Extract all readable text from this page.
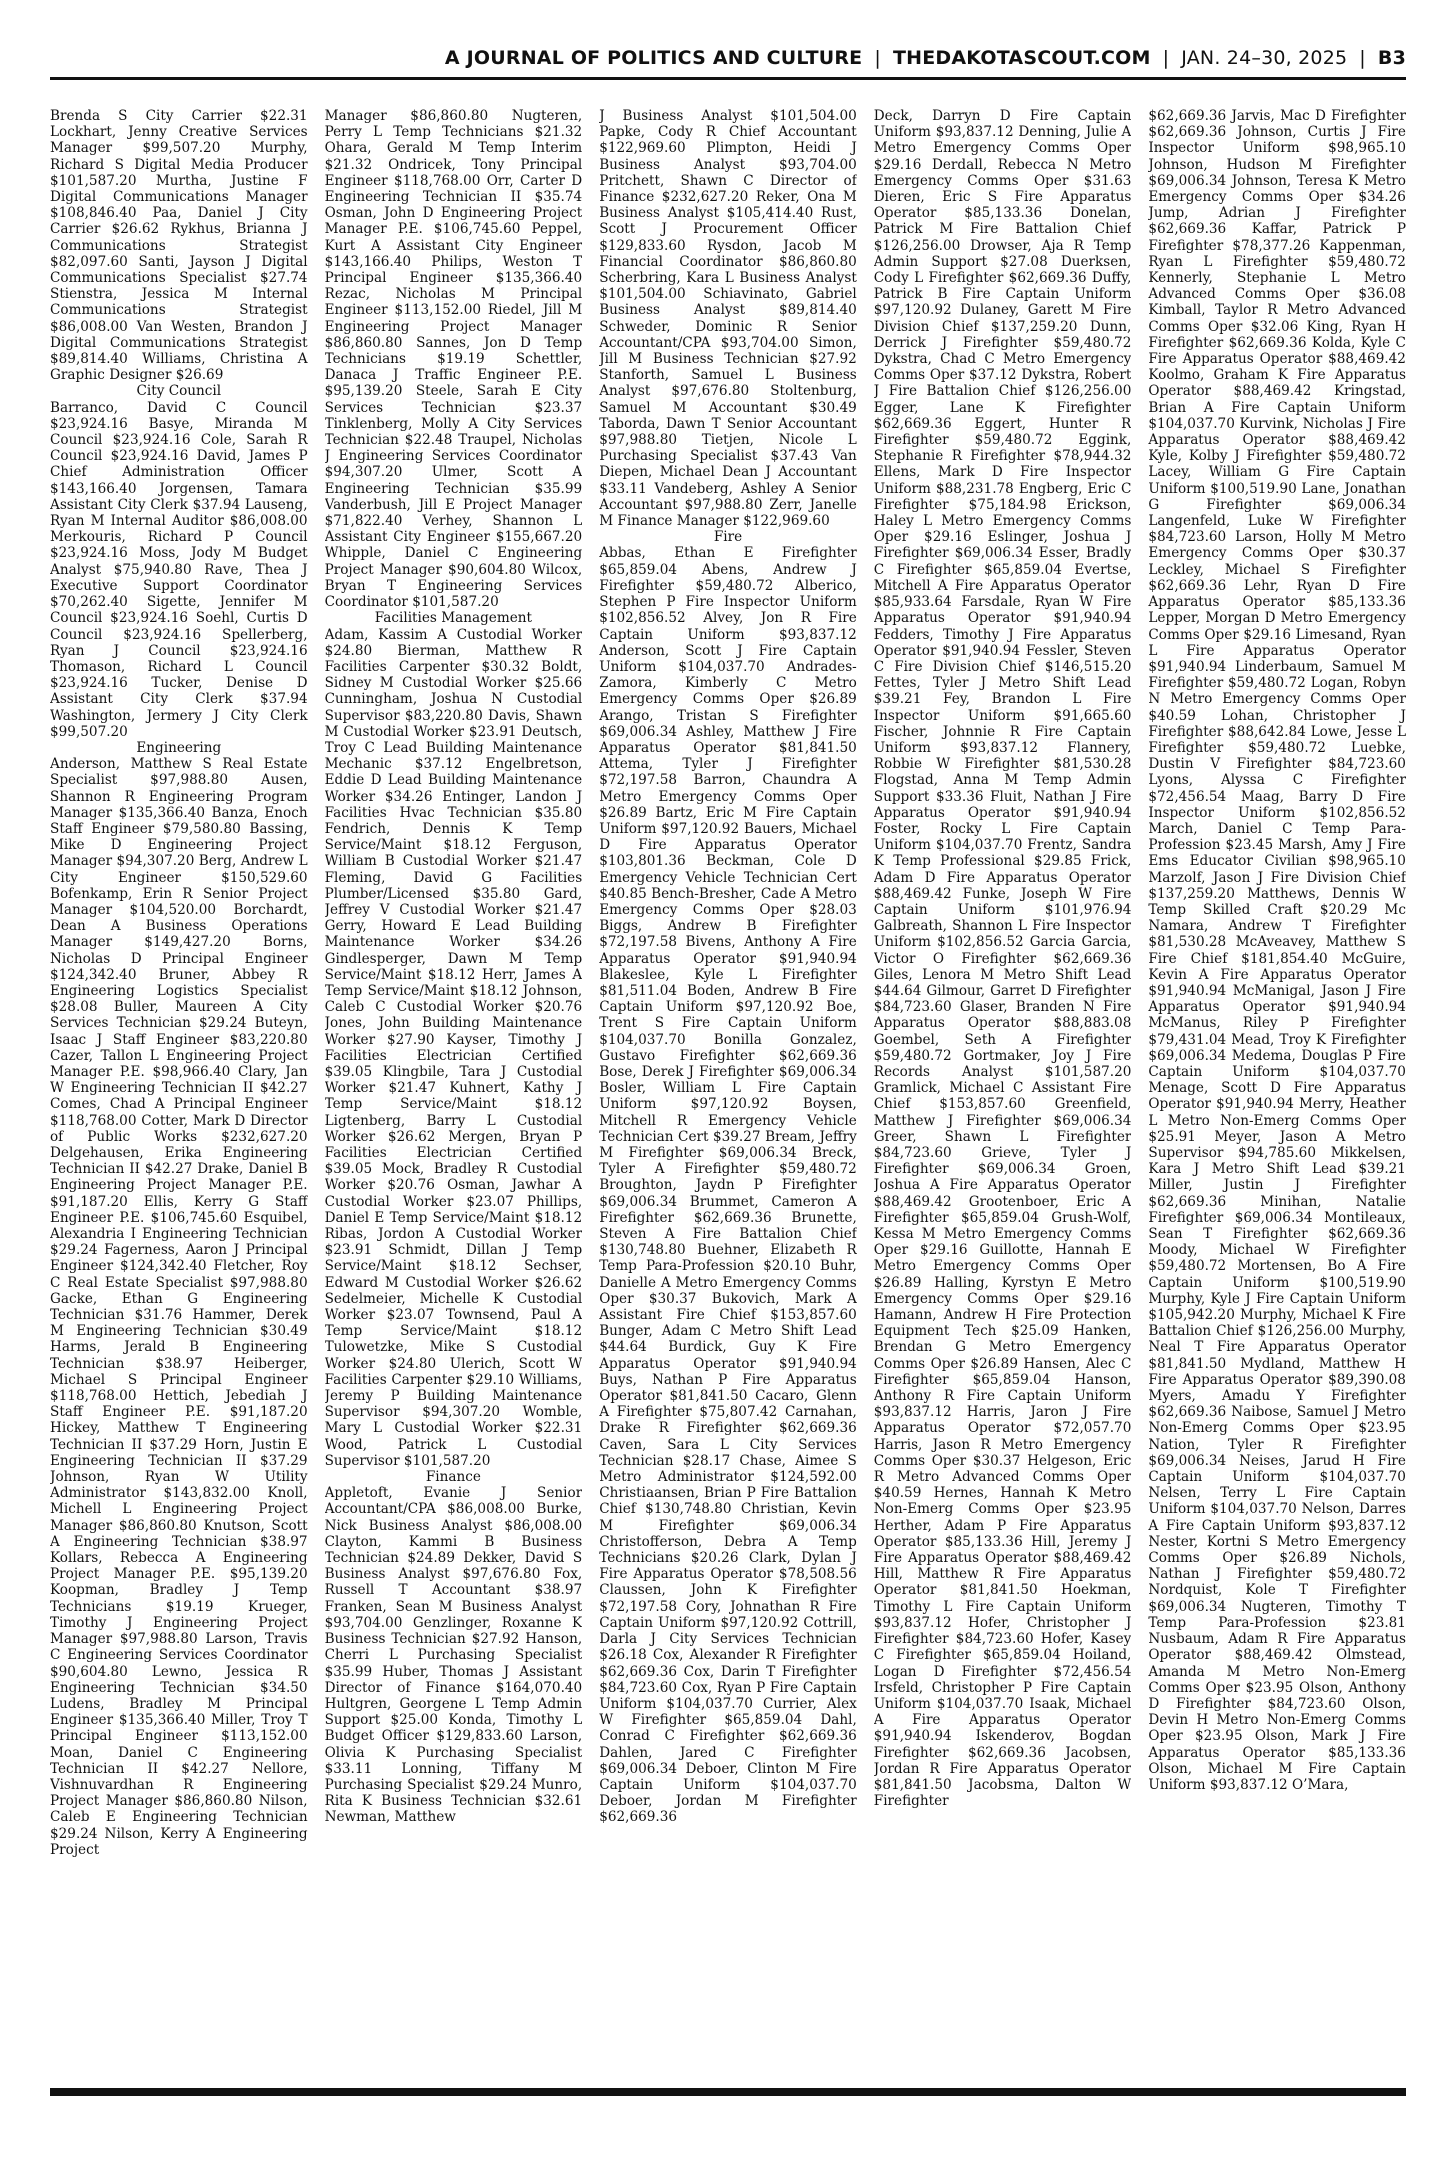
A JOURNAL OF POLITICS AND CULTURE | THEDAKOTASCOUT.COM | JAN. 24–30, 2025 | B3

Brenda S City Carrier $22.31 Lockhart, Jenny Creative Services Manager $99,507.20 Murphy, Richard S Digital Media Producer $101,587.20 Murtha, Justine F Digital Communications Manager $108,846.40 Paa, Daniel J City Carrier $26.62 Rykhus, Brianna J Communications Strategist $82,097.60 Santi, Jayson J Digital Communications Specialist $27.74 Stienstra, Jessica M Internal Communications Strategist $86,008.00 Van Westen, Brandon J Digital Communications Strategist $89,814.40 Williams, Christina A Graphic Designer $26.69

City Council

Barranco, David C Council $23,924.16 Basye, Miranda M Council $23,924.16 Cole, Sarah R Council $23,924.16 David, James P Chief Administration Officer $143,166.40 Jorgensen, Tamara Assistant City Clerk $37.94 Lauseng, Ryan M Internal Auditor $86,008.00 Merkouris, Richard P Council $23,924.16 Moss, Jody M Budget Analyst $75,940.80 Rave, Thea J Executive Support Coordinator $70,262.40 Sigette, Jennifer M Council $23,924.16 Soehl, Curtis D Council $23,924.16 Spellerberg, Ryan J Council $23,924.16 Thomason, Richard L Council $23,924.16 Tucker, Denise D Assistant City Clerk $37.94 Washington, Jermery J City Clerk $99,507.20

Engineering

Anderson, Matthew S Real Estate Specialist $97,988.80 Ausen, Shannon R Engineering Program Manager $135,366.40 Banza, Enoch Staff Engineer $79,580.80 Bassing, Mike D Engineering Project Manager $94,307.20 Berg, Andrew L City Engineer $150,529.60 Bofenkamp, Erin R Senior Project Manager $104,520.00 Borchardt, Dean A Business Operations Manager $149,427.20 Borns, Nicholas D Principal Engineer $124,342.40 Bruner, Abbey R Engineering Logistics Specialist $28.08 Buller, Maureen A City Services Technician $29.24 Buteyn, Isaac J Staff Engineer $83,220.80 Cazer, Tallon L Engineering Project Manager P.E. $98,966.40 Clary, Jan W Engineering Technician II $42.27 Comes, Chad A Principal Engineer $118,768.00 Cotter, Mark D Director of Public Works $232,627.20 Delgehausen, Erika Engineering Technician II $42.27 Drake, Daniel B Engineering Project Manager P.E. $91,187.20 Ellis, Kerry G Staff Engineer P.E. $106,745.60 Esquibel, Alexandria I Engineering Technician $29.24 Fagerness, Aaron J Principal Engineer $124,342.40 Fletcher, Roy C Real Estate Specialist $97,988.80 Gacke, Ethan G Engineering Technician $31.76 Hammer, Derek M Engineering Technician $30.49 Harms, Jerald B Engineering Technician $38.97 Heiberger, Michael S Principal Engineer $118,768.00 Hettich, Jebediah J Staff Engineer P.E. $91,187.20 Hickey, Matthew T Engineering Technician II $37.29 Horn, Justin E Engineering Technician II $37.29 Johnson, Ryan W Utility Administrator $143,832.00 Knoll, Michell L Engineering Project Manager $86,860.80 Knutson, Scott A Engineering Technician $38.97 Kollars, Rebecca A Engineering Project Manager P.E. $95,139.20 Koopman, Bradley J Temp Technicians $19.19 Krueger, Timothy J Engineering Project Manager $97,988.80 Larson, Travis C Engineering Services Coordinator $90,604.80 Lewno, Jessica R Engineering Technician $34.50 Ludens, Bradley M Principal Engineer $135,366.40 Miller, Troy T Principal Engineer $113,152.00 Moan, Daniel C Engineering Technician II $42.27 Nellore, Vishnuvardhan R Engineering Project Manager $86,860.80 Nilson, Caleb E Engineering Technician $29.24 Nilson, Kerry A Engineering Project

Manager $86,860.80 Nugteren, Perry L Temp Technicians $21.32 Ohara, Gerald M Temp Interim $21.32 Ondricek, Tony Principal Engineer $118,768.00 Orr, Carter D Engineering Technician II $35.74 Osman, John D Engineering Project Manager P.E. $106,745.60 Peppel, Kurt A Assistant City Engineer $143,166.40 Philips, Weston T Principal Engineer $135,366.40 Rezac, Nicholas M Principal Engineer $113,152.00 Riedel, Jill M Engineering Project Manager $86,860.80 Sannes, Jon D Temp Technicians $19.19 Schettler, Danaca J Traffic Engineer P.E. $95,139.20 Steele, Sarah E City Services Technician $23.37 Tinklenberg, Molly A City Services Technician $22.48 Traupel, Nicholas J Engineering Services Coordinator $94,307.20 Ulmer, Scott A Engineering Technician $35.99 Vanderbush, Jill E Project Manager $71,822.40 Verhey, Shannon L Assistant City Engineer $155,667.20 Whipple, Daniel C Engineering Project Manager $90,604.80 Wilcox, Bryan T Engineering Services Coordinator $101,587.20

Facilities Management

Adam, Kassim A Custodial Worker $24.80 Bierman, Matthew R Facilities Carpenter $30.32 Boldt, Sidney M Custodial Worker $25.66 Cunningham, Joshua N Custodial Supervisor $83,220.80 Davis, Shawn M Custodial Worker $23.91 Deutsch, Troy C Lead Building Maintenance Mechanic $37.12 Engelbretson, Eddie D Lead Building Maintenance Worker $34.26 Entinger, Landon J Facilities Hvac Technician $35.80 Fendrich, Dennis K Temp Service/Maint $18.12 Ferguson, William B Custodial Worker $21.47 Fleming, David G Facilities Plumber/Licensed $35.80 Gard, Jeffrey V Custodial Worker $21.47 Gerry, Howard E Lead Building Maintenance Worker $34.26 Gindlesperger, Dawn M Temp Service/Maint $18.12 Herr, James A Temp Service/Maint $18.12 Johnson, Caleb C Custodial Worker $20.76 Jones, John Building Maintenance Worker $27.90 Kayser, Timothy J Facilities Electrician Certified $39.05 Klingbile, Tara J Custodial Worker $21.47 Kuhnert, Kathy J Temp Service/Maint $18.12 Ligtenberg, Barry L Custodial Worker $26.62 Mergen, Bryan P Facilities Electrician Certified $39.05 Mock, Bradley R Custodial Worker $20.76 Osman, Jawhar A Custodial Worker $23.07 Phillips, Daniel E Temp Service/Maint $18.12 Ribas, Jordon A Custodial Worker $23.91 Schmidt, Dillan J Temp Service/Maint $18.12 Sechser, Edward M Custodial Worker $26.62 Sedelmeier, Michelle K Custodial Worker $23.07 Townsend, Paul A Temp Service/Maint $18.12 Tulowetzke, Mike S Custodial Worker $24.80 Ulerich, Scott W Facilities Carpenter $29.10 Williams, Jeremy P Building Maintenance Supervisor $94,307.20 Womble, Mary L Custodial Worker $22.31 Wood, Patrick L Custodial Supervisor $101,587.20

Finance

Appletoft, Evanie J Senior Accountant/CPA $86,008.00 Burke, Nick Business Analyst $86,008.00 Clayton, Kammi B Business Technician $24.89 Dekker, David S Business Analyst $97,676.80 Fox, Russell T Accountant $38.97 Franken, Sean M Business Analyst $93,704.00 Genzlinger, Roxanne K Business Technician $27.92 Hanson, Cherri L Purchasing Specialist $35.99 Huber, Thomas J Assistant Director of Finance $164,070.40 Hultgren, Georgene L Temp Admin Support $25.00 Konda, Timothy L Budget Officer $129,833.60 Larson, Olivia K Purchasing Specialist $33.11 Lonning, Tiffany M Purchasing Specialist $29.24 Munro, Rita K Business Technician $32.61 Newman, Matthew

J Business Analyst $101,504.00 Papke, Cody R Chief Accountant $122,969.60 Plimpton, Heidi J Business Analyst $93,704.00 Pritchett, Shawn C Director of Finance $232,627.20 Reker, Ona M Business Analyst $105,414.40 Rust, Scott J Procurement Officer $129,833.60 Rysdon, Jacob M Financial Coordinator $86,860.80 Scherbring, Kara L Business Analyst $101,504.00 Schiavinato, Gabriel Business Analyst $89,814.40 Schweder, Dominic R Senior Accountant/CPA $93,704.00 Simon, Jill M Business Technician $27.92 Stanforth, Samuel L Business Analyst $97,676.80 Stoltenburg, Samuel M Accountant $30.49 Taborda, Dawn T Senior Accountant $97,988.80 Tietjen, Nicole L Purchasing Specialist $37.43 Van Diepen, Michael Dean J Accountant $33.11 Vandeberg, Ashley A Senior Accountant $97,988.80 Zerr, Janelle M Finance Manager $122,969.60

Fire

Abbas, Ethan E Firefighter $65,859.04 Abens, Andrew J Firefighter $59,480.72 Alberico, Stephen P Fire Inspector Uniform $102,856.52 Alvey, Jon R Fire Captain Uniform $93,837.12 Anderson, Scott J Fire Captain Uniform $104,037.70 Andrades-Zamora, Kimberly C Metro Emergency Comms Oper $26.89 Arango, Tristan S Firefighter $69,006.34 Ashley, Matthew J Fire Apparatus Operator $81,841.50 Attema, Tyler J Firefighter $72,197.58 Barron, Chaundra A Metro Emergency Comms Oper $26.89 Bartz, Eric M Fire Captain Uniform $97,120.92 Bauers, Michael D Fire Apparatus Operator $103,801.36 Beckman, Cole D Emergency Vehicle Technician Cert $40.85 Bench-Bresher, Cade A Metro Emergency Comms Oper $28.03 Biggs, Andrew B Firefighter $72,197.58 Bivens, Anthony A Fire Apparatus Operator $91,940.94 Blakeslee, Kyle L Firefighter $81,511.04 Boden, Andrew B Fire Captain Uniform $97,120.92 Boe, Trent S Fire Captain Uniform $104,037.70 Bonilla Gonzalez, Gustavo Firefighter $62,669.36 Bose, Derek J Firefighter $69,006.34 Bosler, William L Fire Captain Uniform $97,120.92 Boysen, Mitchell R Emergency Vehicle Technician Cert $39.27 Bream, Jeffry M Firefighter $69,006.34 Breck, Tyler A Firefighter $59,480.72 Broughton, Jaydn P Firefighter $69,006.34 Brummet, Cameron A Firefighter $62,669.36 Brunette, Steven A Fire Battalion Chief $130,748.80 Buehner, Elizabeth R Temp Para-Profession $20.10 Buhr, Danielle A Metro Emergency Comms Oper $30.37 Bukovich, Mark A Assistant Fire Chief $153,857.60 Bunger, Adam C Metro Shift Lead $44.64 Burdick, Guy K Fire Apparatus Operator $91,940.94 Buys, Nathan P Fire Apparatus Operator $81,841.50 Cacaro, Glenn A Firefighter $75,807.42 Carnahan, Drake R Firefighter $62,669.36 Caven, Sara L City Services Technician $28.17 Chase, Aimee S Metro Administrator $124,592.00 Christiaansen, Brian P Fire Battalion Chief $130,748.80 Christian, Kevin M Firefighter $69,006.34 Christofferson, Debra A Temp Technicians $20.26 Clark, Dylan J Fire Apparatus Operator $78,508.56 Claussen, John K Firefighter $72,197.58 Cory, Johnathan R Fire Captain Uniform $97,120.92 Cottrill, Darla J City Services Technician $26.18 Cox, Alexander R Firefighter $62,669.36 Cox, Darin T Firefighter $84,723.60 Cox, Ryan P Fire Captain Uniform $104,037.70 Currier, Alex W Firefighter $65,859.04 Dahl, Conrad C Firefighter $62,669.36 Dahlen, Jared C Firefighter $69,006.34 Deboer, Clinton M Fire Captain Uniform $104,037.70 Deboer, Jordan M Firefighter $62,669.36

Deck, Darryn D Fire Captain Uniform $93,837.12 Denning, Julie A Metro Emergency Comms Oper $29.16 Derdall, Rebecca N Metro Emergency Comms Oper $31.63 Dieren, Eric S Fire Apparatus Operator $85,133.36 Donelan, Patrick M Fire Battalion Chief $126,256.00 Drowser, Aja R Temp Admin Support $27.08 Duerksen, Cody L Firefighter $62,669.36 Duffy, Patrick B Fire Captain Uniform $97,120.92 Dulaney, Garett M Fire Division Chief $137,259.20 Dunn, Derrick J Firefighter $59,480.72 Dykstra, Chad C Metro Emergency Comms Oper $37.12 Dykstra, Robert J Fire Battalion Chief $126,256.00 Egger, Lane K Firefighter $62,669.36 Eggert, Hunter R Firefighter $59,480.72 Eggink, Stephanie R Firefighter $78,944.32 Ellens, Mark D Fire Inspector Uniform $88,231.78 Engberg, Eric C Firefighter $75,184.98 Erickson, Haley L Metro Emergency Comms Oper $29.16 Eslinger, Joshua J Firefighter $69,006.34 Esser, Bradly C Firefighter $65,859.04 Evertse, Mitchell A Fire Apparatus Operator $85,933.64 Farsdale, Ryan W Fire Apparatus Operator $91,940.94 Fedders, Timothy J Fire Apparatus Operator $91,940.94 Fessler, Steven C Fire Division Chief $146,515.20 Fettes, Tyler J Metro Shift Lead $39.21 Fey, Brandon L Fire Inspector Uniform $91,665.60 Fischer, Johnnie R Fire Captain Uniform $93,837.12 Flannery, Robbie W Firefighter $81,530.28 Flogstad, Anna M Temp Admin Support $33.36 Fluit, Nathan J Fire Apparatus Operator $91,940.94 Foster, Rocky L Fire Captain Uniform $104,037.70 Frentz, Sandra K Temp Professional $29.85 Frick, Adam D Fire Apparatus Operator $88,469.42 Funke, Joseph W Fire Captain Uniform $101,976.94 Galbreath, Shannon L Fire Inspector Uniform $102,856.52 Garcia Garcia, Victor O Firefighter $62,669.36 Giles, Lenora M Metro Shift Lead $44.64 Gilmour, Garret D Firefighter $84,723.60 Glaser, Branden N Fire Apparatus Operator $88,883.08 Goembel, Seth A Firefighter $59,480.72 Gortmaker, Joy J Fire Records Analyst $101,587.20 Gramlick, Michael C Assistant Fire Chief $153,857.60 Greenfield, Matthew J Firefighter $69,006.34 Greer, Shawn L Firefighter $84,723.60 Grieve, Tyler J Firefighter $69,006.34 Groen, Joshua A Fire Apparatus Operator $88,469.42 Grootenboer, Eric A Firefighter $65,859.04 Grush-Wolf, Kessa M Metro Emergency Comms Oper $29.16 Guillotte, Hannah E Metro Emergency Comms Oper $26.89 Halling, Kyrstyn E Metro Emergency Comms Oper $29.16 Hamann, Andrew H Fire Protection Equipment Tech $25.09 Hanken, Brendan G Metro Emergency Comms Oper $26.89 Hansen, Alec C Firefighter $65,859.04 Hanson, Anthony R Fire Captain Uniform $93,837.12 Harris, Jaron J Fire Apparatus Operator $72,057.70 Harris, Jason R Metro Emergency Comms Oper $30.37 Helgeson, Eric R Metro Advanced Comms Oper $40.59 Hernes, Hannah K Metro Non-Emerg Comms Oper $23.95 Herther, Adam P Fire Apparatus Operator $85,133.36 Hill, Jeremy J Fire Apparatus Operator $88,469.42 Hill, Matthew R Fire Apparatus Operator $81,841.50 Hoekman, Timothy L Fire Captain Uniform $93,837.12 Hofer, Christopher J Firefighter $84,723.60 Hofer, Kasey C Firefighter $65,859.04 Hoiland, Logan D Firefighter $72,456.54 Irsfeld, Christopher P Fire Captain Uniform $104,037.70 Isaak, Michael A Fire Apparatus Operator $91,940.94 Iskenderov, Bogdan Firefighter $62,669.36 Jacobsen, Jordan R Fire Apparatus Operator $81,841.50 Jacobsma, Dalton W Firefighter

$62,669.36 Jarvis, Mac D Firefighter $62,669.36 Johnson, Curtis J Fire Inspector Uniform $98,965.10 Johnson, Hudson M Firefighter $69,006.34 Johnson, Teresa K Metro Emergency Comms Oper $34.26 Jump, Adrian J Firefighter $62,669.36 Kaffar, Patrick P Firefighter $78,377.26 Kappenman, Ryan L Firefighter $59,480.72 Kennerly, Stephanie L Metro Advanced Comms Oper $36.08 Kimball, Taylor R Metro Advanced Comms Oper $32.06 King, Ryan H Firefighter $62,669.36 Kolda, Kyle C Fire Apparatus Operator $88,469.42 Koolmo, Graham K Fire Apparatus Operator $88,469.42 Kringstad, Brian A Fire Captain Uniform $104,037.70 Kurvink, Nicholas J Fire Apparatus Operator $88,469.42 Kyle, Kolby J Firefighter $59,480.72 Lacey, William G Fire Captain Uniform $100,519.90 Lane, Jonathan G Firefighter $69,006.34 Langenfeld, Luke W Firefighter $84,723.60 Larson, Holly M Metro Emergency Comms Oper $30.37 Leckley, Michael S Firefighter $62,669.36 Lehr, Ryan D Fire Apparatus Operator $85,133.36 Lepper, Morgan D Metro Emergency Comms Oper $29.16 Limesand, Ryan L Fire Apparatus Operator $91,940.94 Linderbaum, Samuel M Firefighter $59,480.72 Logan, Robyn N Metro Emergency Comms Oper $40.59 Lohan, Christopher J Firefighter $88,642.84 Lowe, Jesse L Firefighter $59,480.72 Luebke, Dustin V Firefighter $84,723.60 Lyons, Alyssa C Firefighter $72,456.54 Maag, Barry D Fire Inspector Uniform $102,856.52 March, Daniel C Temp Para-Profession $23.45 Marsh, Amy J Fire Ems Educator Civilian $98,965.10 Marzolf, Jason J Fire Division Chief $137,259.20 Matthews, Dennis W Temp Skilled Craft $20.29 Mc Namara, Andrew T Firefighter $81,530.28 McAveavey, Matthew S Fire Chief $181,854.40 McGuire, Kevin A Fire Apparatus Operator $91,940.94 McManigal, Jason J Fire Apparatus Operator $91,940.94 McManus, Riley P Firefighter $79,431.04 Mead, Troy K Firefighter $69,006.34 Medema, Douglas P Fire Captain Uniform $104,037.70 Menage, Scott D Fire Apparatus Operator $91,940.94 Merry, Heather L Metro Non-Emerg Comms Oper $25.91 Meyer, Jason A Metro Supervisor $94,785.60 Mikkelsen, Kara J Metro Shift Lead $39.21 Miller, Justin J Firefighter $62,669.36 Minihan, Natalie Firefighter $69,006.34 Montileaux, Sean T Firefighter $62,669.36 Moody, Michael W Firefighter $59,480.72 Mortensen, Bo A Fire Captain Uniform $100,519.90 Murphy, Kyle J Fire Captain Uniform $105,942.20 Murphy, Michael K Fire Battalion Chief $126,256.00 Murphy, Neal T Fire Apparatus Operator $81,841.50 Mydland, Matthew H Fire Apparatus Operator $89,390.08 Myers, Amadu Y Firefighter $62,669.36 Naibose, Samuel J Metro Non-Emerg Comms Oper $23.95 Nation, Tyler R Firefighter $69,006.34 Neises, Jarud H Fire Captain Uniform $104,037.70 Nelsen, Terry L Fire Captain Uniform $104,037.70 Nelson, Darres A Fire Captain Uniform $93,837.12 Nester, Kortni S Metro Emergency Comms Oper $26.89 Nichols, Nathan J Firefighter $59,480.72 Nordquist, Kole T Firefighter $69,006.34 Nugteren, Timothy T Temp Para-Profession $23.81 Nusbaum, Adam R Fire Apparatus Operator $88,469.42 Olmstead, Amanda M Metro Non-Emerg Comms Oper $23.95 Olson, Anthony D Firefighter $84,723.60 Olson, Devin H Metro Non-Emerg Comms Oper $23.95 Olson, Mark J Fire Apparatus Operator $85,133.36 Olson, Michael M Fire Captain Uniform $93,837.12 O’Mara,
